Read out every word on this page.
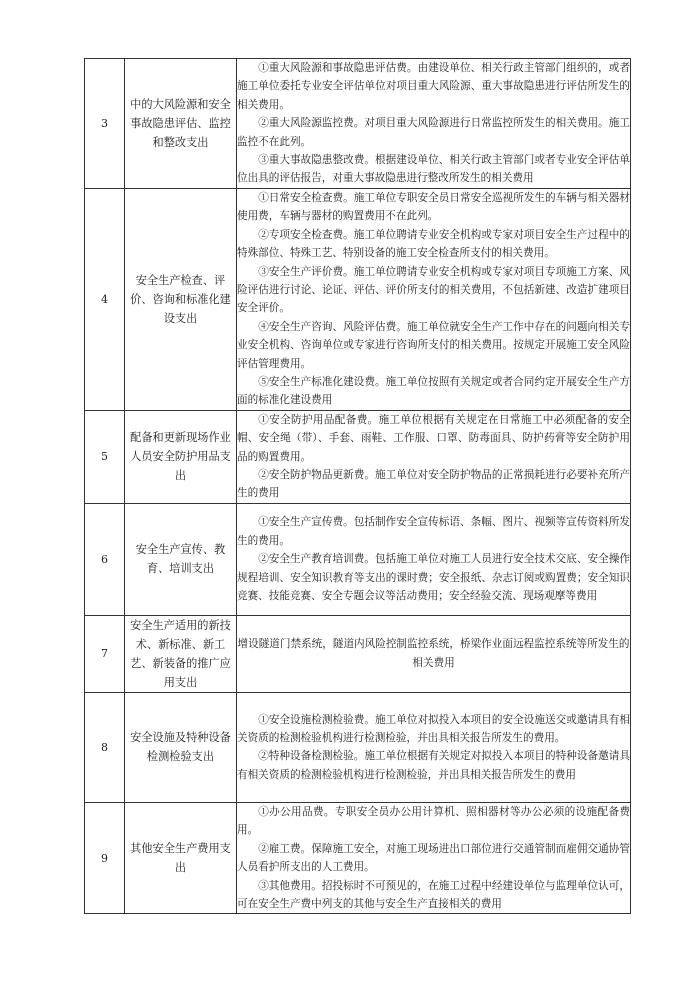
3	中的大风险源和安全事故隐患评估、监控和整改支出	①重大风险源和事故隐患评估费。由建设单位、相关行政主管部门组织的，或者施工单位委托专业安全评估单位对项目重大风险源、重大事故隐患进行评估所发生的相关费用。

②重大风险源监控费。对项目重大风险源进行日常监控所发生的相关费用。施工监控不在此列。

③重大事故隐患整改费。根据建设单位、相关行政主管部门或者专业安全评估单位出具的评估报告，对重大事故隐患进行整改所发生的相关费用

4	安全生产检查、评价、咨询和标准化建设支出	①日常安全检查费。施工单位专职安全员日常安全巡视所发生的车辆与相关器材使用费，车辆与器材的购置费用不在此列。

②专项安全检查费。施工单位聘请专业安全机构或专家对项目安全生产过程中的特殊部位、特殊工艺、特别设备的施工安全检查所支付的相关费用。

③安全生产评价费。施工单位聘请专业安全机构或专家对项目专项施工方案、风险评估进行讨论、论证、评估、评价所支付的相关费用，不包括新建、改造扩建项目安全评价。

④安全生产咨询、风险评估费。施工单位就安全生产工作中存在的问题向相关专业安全机构、咨询单位或专家进行咨询所支付的相关费用。按规定开展施工安全风险评估管理费用。

⑤安全生产标准化建设费。施工单位按照有关规定或者合同约定开展安全生产方面的标准化建设费用

5	配备和更新现场作业人员安全防护用品支出	①安全防护用品配备费。施工单位根据有关规定在日常施工中必须配备的安全帽、安全绳（带）、手套、雨鞋、工作服、口罩、防毒面具、防护药膏等安全防护用品的购置费用。

②安全防护物品更新费。施工单位对安全防护物品的正常损耗进行必要补充所产生的费用

6	安全生产宣传、教育、培训支出	①安全生产宣传费。包括制作安全宣传标语、条幅、图片、视频等宣传资料所发生的费用。

②安全生产教育培训费。包括施工单位对施工人员进行安全技术交底、安全操作规程培训、安全知识教育等支出的课时费；安全报纸、杂志订阅或购置费；安全知识竞赛、技能竞赛、安全专题会议等活动费用；安全经验交流、现场观摩等费用

7	安全生产适用的新技术、新标准、新工艺、新装备的推广应用支出	增设隧道门禁系统，隧道内风险控制监控系统，桥梁作业面远程监控系统等所发生的相关费用

8	安全设施及特种设备检测检验支出	①安全设施检测检验费。施工单位对拟投入本项目的安全设施送交或邀请具有相关资质的检测检验机构进行检测检验，并出具相关报告所发生的费用。

②特种设备检测检验。施工单位根据有关规定对拟投入本项目的特种设备邀请具有相关资质的检测检验机构进行检测检验，并出具相关报告所发生的费用

9	其他安全生产费用支出	①办公用品费。专职安全员办公用计算机、照相器材等办公必须的设施配备费用。

②雇工费。保障施工安全，对施工现场进出口部位进行交通管制而雇佣交通协管人员看护所支出的人工费用。

③其他费用。招投标时不可预见的，在施工过程中经建设单位与监理单位认可，可在安全生产费中列支的其他与安全生产直接相关的费用
